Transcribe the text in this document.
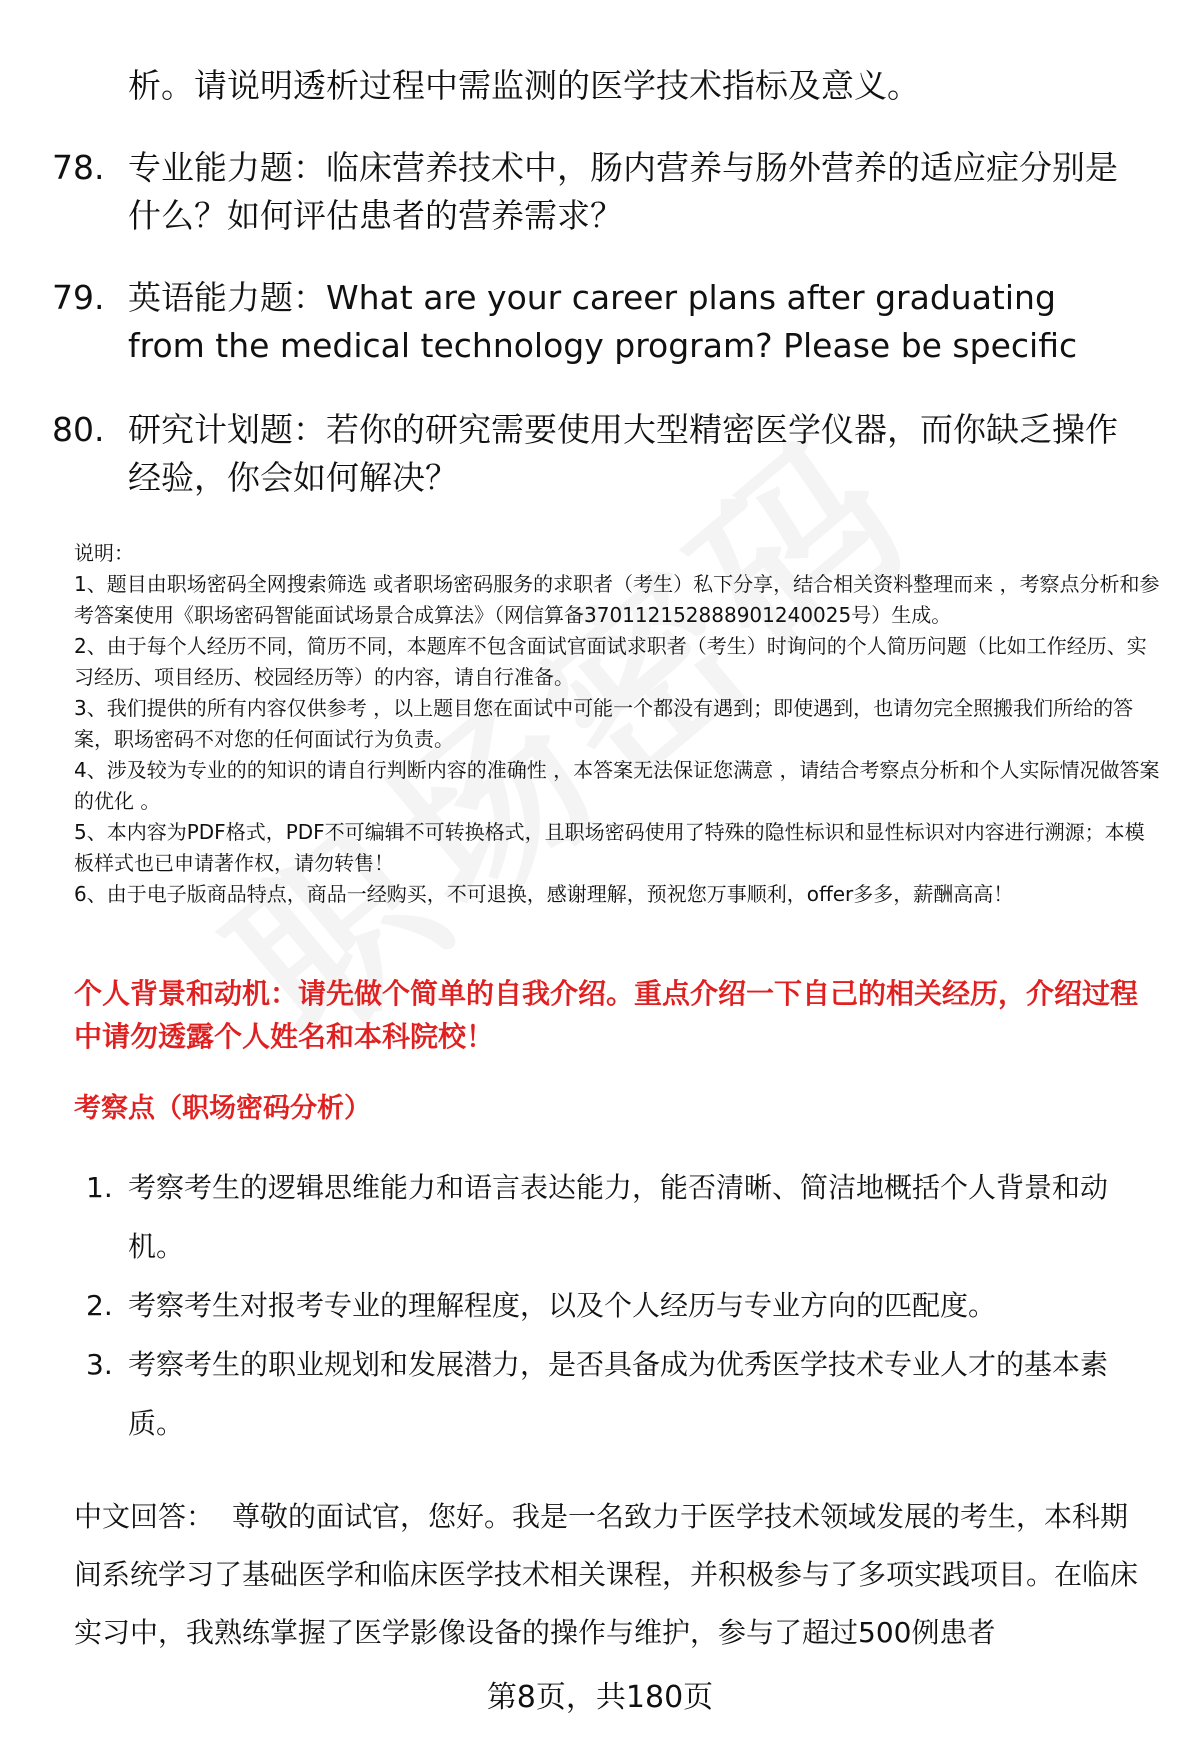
析。请说明透析过程中需监测的医学技术指标及意义。
78. 专业能力题：临床营养技术中，肠内营养与肠外营养的适应症分别是什么？如何评估患者的营养需求？
79. 英语能力题：What are your career plans after graduating from the medical technology program? Please be specific
80. 研究计划题：若你的研究需要使用大型精密医学仪器，而你缺乏操作经验，你会如何解决？
说明：
1、题目由职场密码全网搜索筛选 或者职场密码服务的求职者（考生）私下分享，结合相关资料整理而来 ，考察点分析和参考答案使用《职场密码智能面试场景合成算法》（网信算备370112152888901240025号）生成。
2、由于每个人经历不同，简历不同，本题库不包含面试官面试求职者（考生）时询问的个人简历问题（比如工作经历、实习经历、项目经历、校园经历等）的内容，请自行准备。
3、我们提供的所有内容仅供参考 ，以上题目您在面试中可能一个都没有遇到；即使遇到，也请勿完全照搬我们所给的答案，职场密码不对您的任何面试行为负责。
4、涉及较为专业的的知识的请自行判断内容的准确性 ，本答案无法保证您满意 ，请结合考察点分析和个人实际情况做答案的优化 。
5、本内容为PDF格式，PDF不可编辑不可转换格式，且职场密码使用了特殊的隐性标识和显性标识对内容进行溯源；本模板样式也已申请著作权，请勿转售！
6、由于电子版商品特点，商品一经购买，不可退换，感谢理解，预祝您万事顺利，offer多多，薪酬高高！
个人背景和动机：请先做个简单的自我介绍。重点介绍一下自己的相关经历，介绍过程中请勿透露个人姓名和本科院校！
考察点（职场密码分析）
1. 考察考生的逻辑思维能力和语言表达能力，能否清晰、简洁地概括个人背景和动机。
2. 考察考生对报考专业的理解程度，以及个人经历与专业方向的匹配度。
3. 考察考生的职业规划和发展潜力，是否具备成为优秀医学技术专业人才的基本素质。
中文回答： 尊敬的面试官，您好。我是一名致力于医学技术领域发展的考生，本科期间系统学习了基础医学和临床医学技术相关课程，并积极参与了多项实践项目。在临床实习中，我熟练掌握了医学影像设备的操作与维护，参与了超过500例患者
第8页，共180页
